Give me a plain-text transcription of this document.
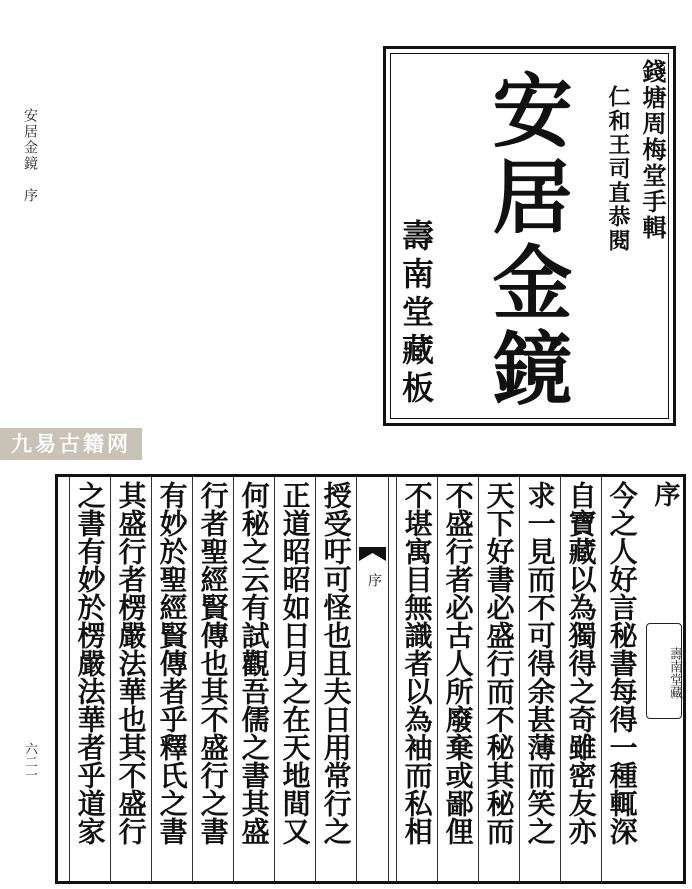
安居金鏡　序
六二一
錢塘周梅堂手輯
仁和王司直恭閱
安居金鏡
壽南堂藏板
九易古籍网
序
壽南堂藏
序	今之人好言秘書每得一種輒深
自寶藏以為獨得之奇雖密友亦
求一見而不可得余甚薄而笑之
天下好書必盛行而不秘其秘而
不盛行者必古人所廢棄或鄙俚
不堪寓目無識者以為袖而私相
授受吁可怪也且夫日用常行之
正道昭昭如日月之在天地間又
何秘之云有試觀吾儒之書其盛
行者聖經賢傳也其不盛行之書
有妙於聖經賢傳者乎釋氏之書
其盛行者楞嚴法華也其不盛行
之書有妙於楞嚴法華者乎道家
